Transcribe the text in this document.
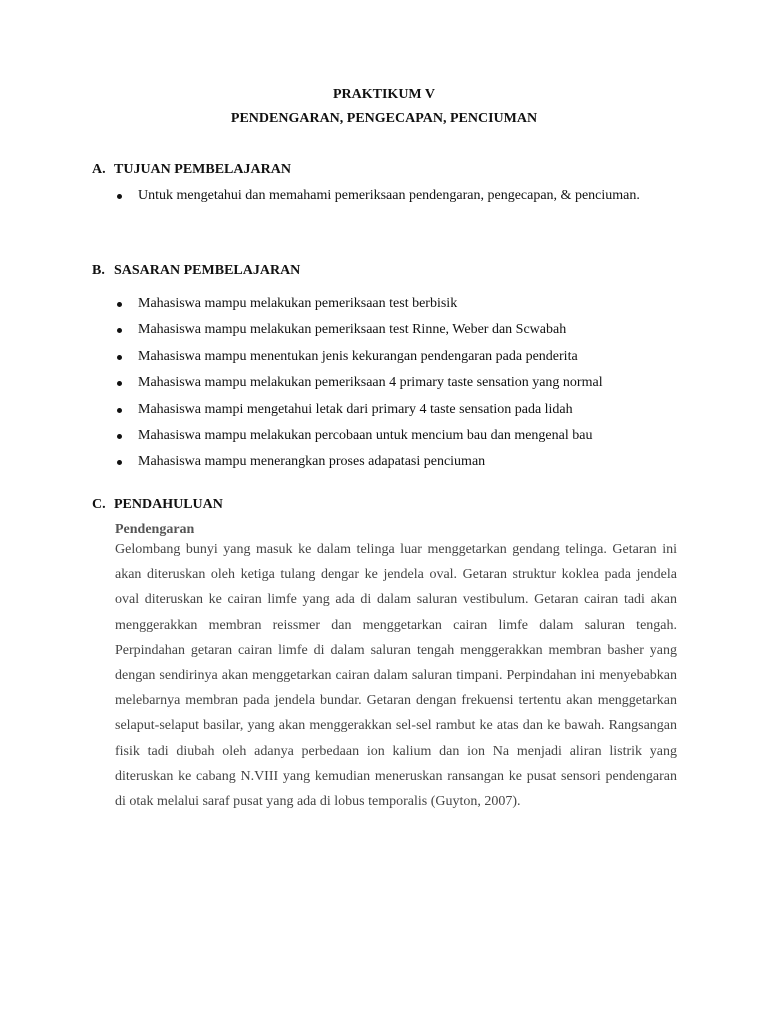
PRAKTIKUM V
PENDENGARAN, PENGECAPAN, PENCIUMAN
A. TUJUAN PEMBELAJARAN
Untuk mengetahui dan memahami pemeriksaan pendengaran, pengecapan, & penciuman.
B. SASARAN PEMBELAJARAN
Mahasiswa mampu melakukan pemeriksaan test berbisik
Mahasiswa mampu melakukan pemeriksaan test Rinne, Weber dan Scwabah
Mahasiswa mampu menentukan jenis kekurangan pendengaran pada penderita
Mahasiswa mampu melakukan pemeriksaan 4 primary taste sensation yang normal
Mahasiswa mampi mengetahui letak dari primary 4 taste sensation pada lidah
Mahasiswa mampu melakukan percobaan untuk mencium bau dan mengenal bau
Mahasiswa mampu menerangkan proses adapatasi penciuman
C. PENDAHULUAN
Pendengaran

Gelombang bunyi yang masuk ke dalam telinga luar menggetarkan gendang telinga. Getaran ini akan diteruskan oleh ketiga tulang dengar ke jendela oval. Getaran struktur koklea pada jendela oval diteruskan ke cairan limfe yang ada di dalam saluran vestibulum. Getaran cairan tadi akan menggerakkan membran reissmer dan menggetarkan cairan limfe dalam saluran tengah. Perpindahan getaran cairan limfe di dalam saluran tengah menggerakkan membran basher yang dengan sendirinya akan menggetarkan cairan dalam saluran timpani. Perpindahan ini menyebabkan melebarnya membran pada jendela bundar. Getaran dengan frekuensi tertentu akan menggetarkan selaput-selaput basilar, yang akan menggerakkan sel-sel rambut ke atas dan ke bawah. Rangsangan fisik tadi diubah oleh adanya perbedaan ion kalium dan ion Na menjadi aliran listrik yang diteruskan ke cabang N.VIII yang kemudian meneruskan ransangan ke pusat sensori pendengaran di otak melalui saraf pusat yang ada di lobus temporalis (Guyton, 2007).
